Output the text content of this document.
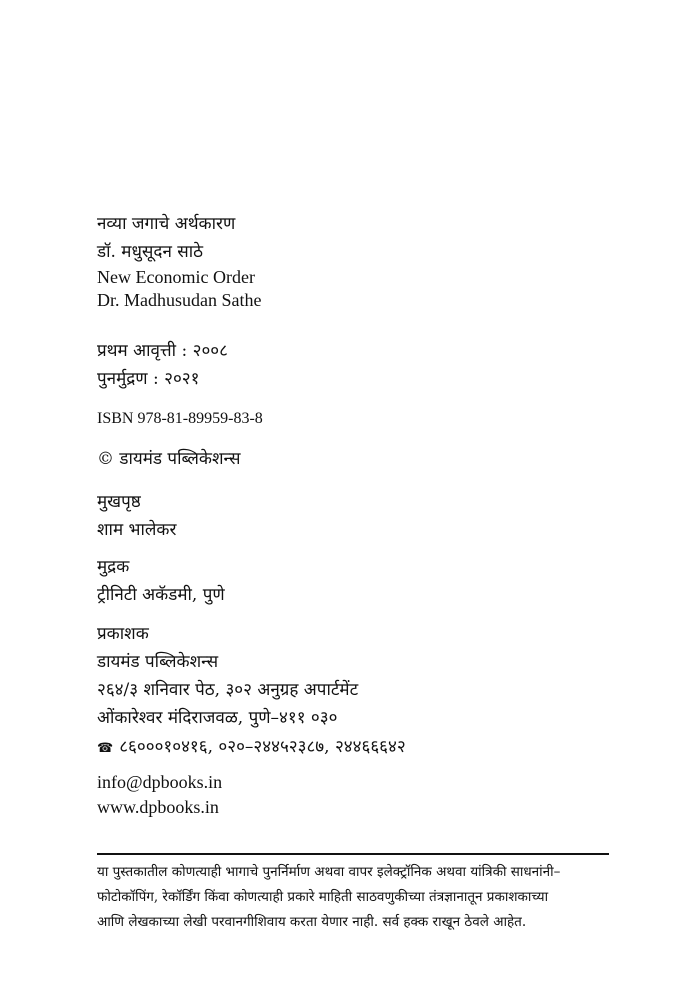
नव्या जगाचे अर्थकारण
डॉ. मधुसूदन साठे
New Economic Order
Dr. Madhusudan Sathe
प्रथम आवृत्ती : २००८
पुनर्मुद्रण : २०२१
ISBN 978-81-89959-83-8
© डायमंड पब्लिकेशन्स
मुखपृष्ठ
शाम भालेकर
मुद्रक
ट्रीनिटी अकॅडमी, पुणे
प्रकाशक
डायमंड पब्लिकेशन्स
२६४/३ शनिवार पेठ, ३०२ अनुग्रह अपार्टमेंट
ओंकारेश्वर मंदिराजवळ, पुणे–४११ ०३०
☎ ८६०००१०४१६, ०२०–२४४५२३८७, २४४६६६४२
info@dpbooks.in
www.dpbooks.in
या पुस्तकातील कोणत्याही भागाचे पुनर्निर्माण अथवा वापर इलेक्ट्रॉनिक अथवा यांत्रिकी साधनांनी–
फोटोकॉपिंग, रेकॉर्डिंग किंवा कोणत्याही प्रकारे माहिती साठवणुकीच्या तंत्रज्ञानातून प्रकाशकाच्या
आणि लेखकाच्या लेखी परवानगीशिवाय करता येणार नाही. सर्व हक्क राखून ठेवले आहेत.
